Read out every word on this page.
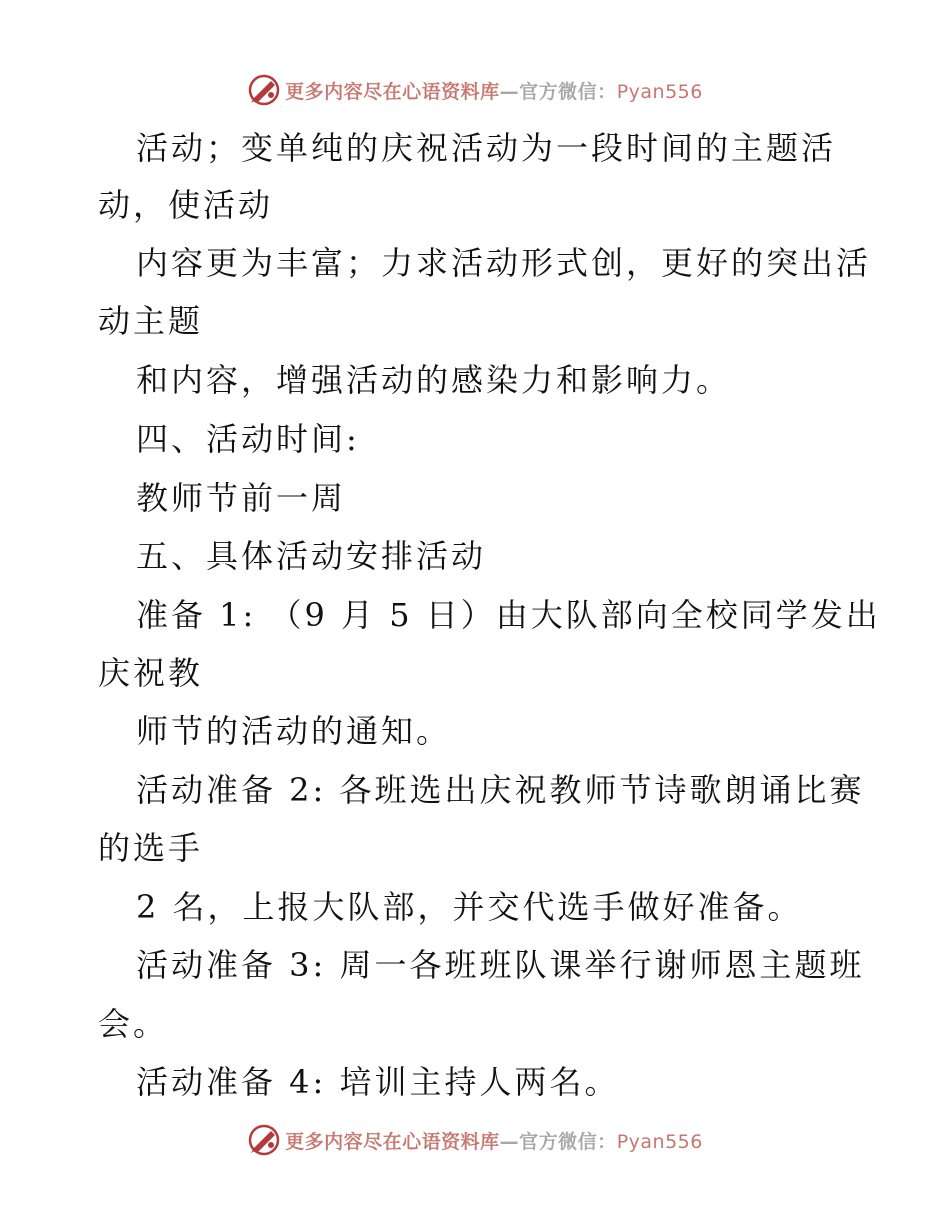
更多内容尽在心语资料库—官方微信：Pyan556
活动；变单纯的庆祝活动为一段时间的主题活
动，使活动
内容更为丰富；力求活动形式创，更好的突出活
动主题
和内容，增强活动的感染力和影响力。
四、活动时间:
教师节前一周
五、具体活动安排活动
准备 1: （9 月 5 日）由大队部向全校同学发出
庆祝教
师节的活动的通知。
活动准备 2: 各班选出庆祝教师节诗歌朗诵比赛
的选手
2 名，上报大队部，并交代选手做好准备。
活动准备 3: 周一各班班队课举行谢师恩主题班
会。
活动准备 4: 培训主持人两名。
更多内容尽在心语资料库—官方微信：Pyan556
